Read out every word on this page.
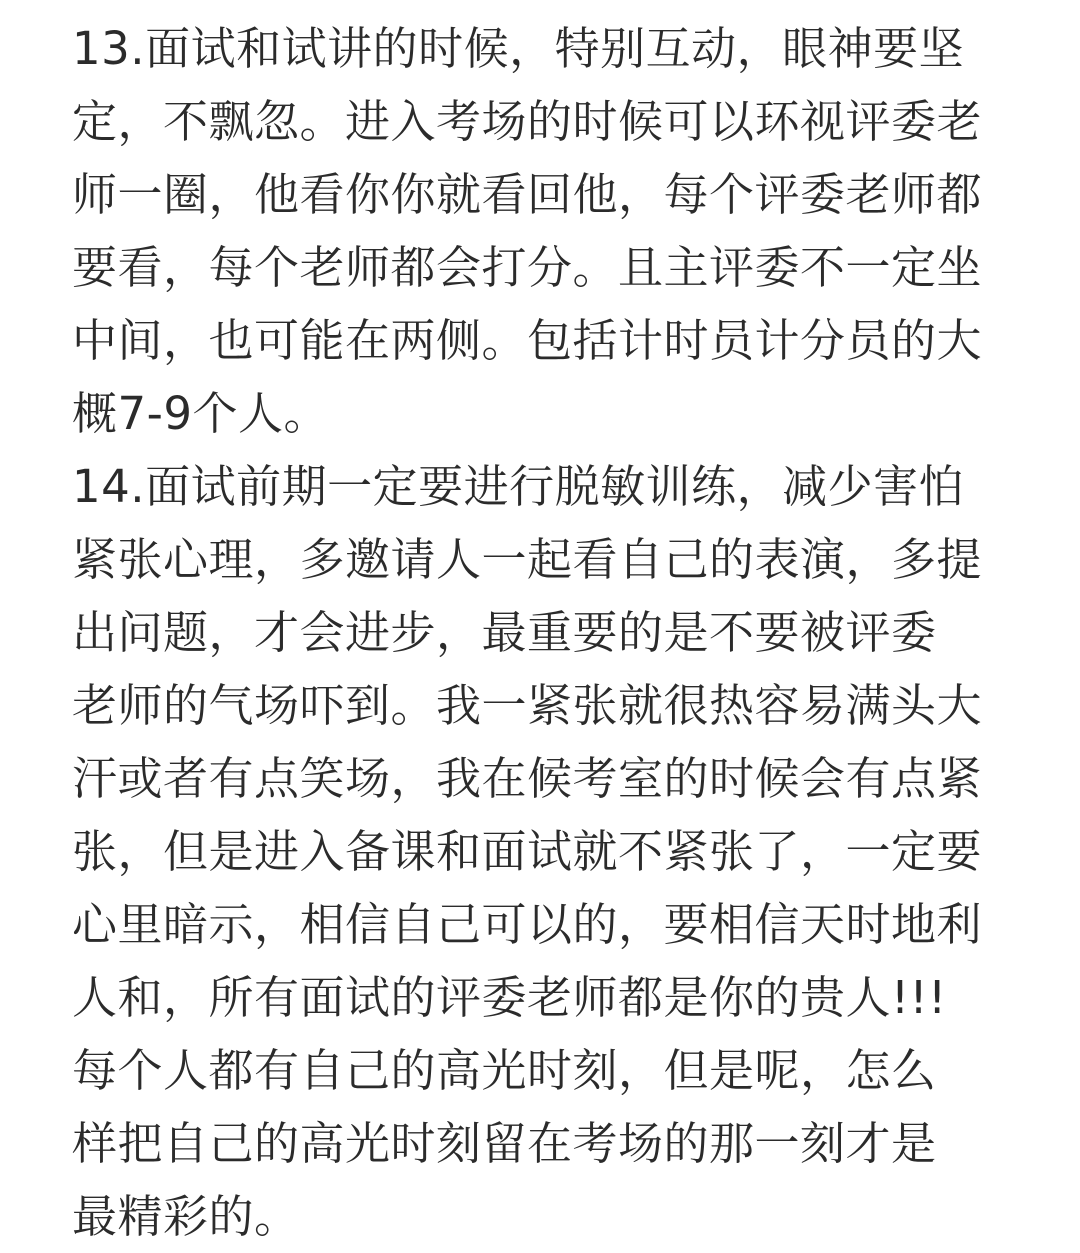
13.面试和试讲的时候，特别互动，眼神要坚
定，不飘忽。进入考场的时候可以环视评委老
师一圈，他看你你就看回他，每个评委老师都
要看，每个老师都会打分。且主评委不一定坐
中间，也可能在两侧。包括计时员计分员的大
概7-9个人。
14.面试前期一定要进行脱敏训练，减少害怕
紧张心理，多邀请人一起看自己的表演，多提
出问题，才会进步，最重要的是不要被评委
老师的气场吓到。我一紧张就很热容易满头大
汗或者有点笑场，我在候考室的时候会有点紧
张，但是进入备课和面试就不紧张了，一定要
心里暗示，相信自己可以的，要相信天时地利
人和，所有面试的评委老师都是你的贵人!!!
每个人都有自己的高光时刻，但是呢，怎么
样把自己的高光时刻留在考场的那一刻才是
最精彩的。
